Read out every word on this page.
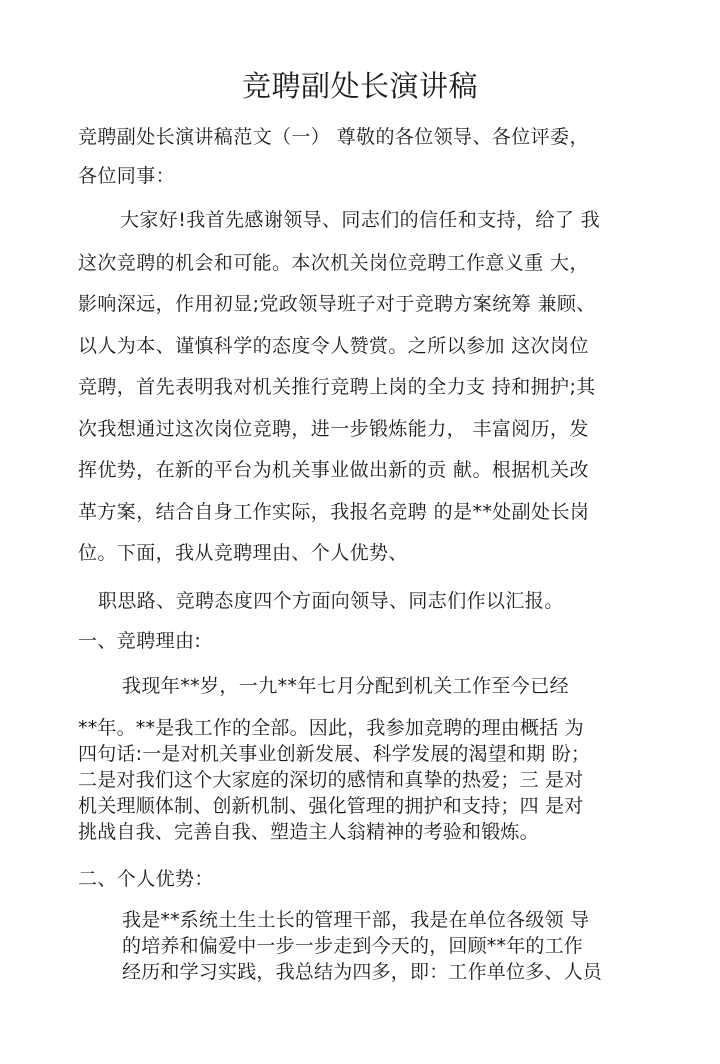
竞聘副处长演讲稿

竞聘副处长演讲稿范文（一） 尊敬的各位领导、各位评委，

各位同事：

大家好!我首先感谢领导、同志们的信任和支持，给了 我

这次竞聘的机会和可能。本次机关岗位竞聘工作意义重 大，

影响深远，作用初显;党政领导班子对于竞聘方案统筹 兼顾、

以人为本、谨慎科学的态度令人赞赏。之所以参加 这次岗位

竞聘，首先表明我对机关推行竞聘上岗的全力支 持和拥护;其

次我想通过这次岗位竞聘，进一步锻炼能力， 丰富阅历，发

挥优势，在新的平台为机关事业做出新的贡 献。根据机关改

革方案，结合自身工作实际，我报名竞聘 的是**处副处长岗

位。下面，我从竞聘理由、个人优势、

职思路、竞聘态度四个方面向领导、同志们作以汇报。

一、竞聘理由:

我现年**岁，一九**年七月分配到机关工作至今已经

**年。**是我工作的全部。因此，我参加竞聘的理由概括 为

四句话:一是对机关事业创新发展、科学发展的渴望和期 盼；

二是对我们这个大家庭的深切的感情和真挚的热爱；三 是对

机关理顺体制、创新机制、强化管理的拥护和支持；四 是对

挑战自我、完善自我、塑造主人翁精神的考验和锻炼。

二、个人优势：

我是**系统土生土长的管理干部，我是在单位各级领 导

的培养和偏爱中一步一步走到今天的，回顾**年的工作

经历和学习实践，我总结为四多，即：工作单位多、人员
